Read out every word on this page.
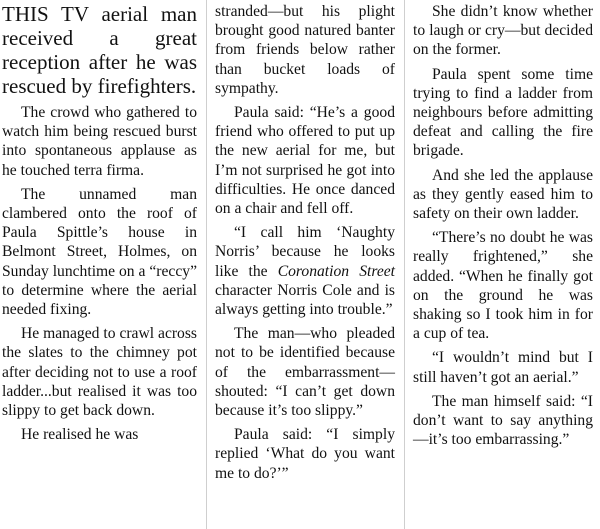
THIS TV aerial man received a great reception after he was rescued by firefighters.

The crowd who gathered to watch him being rescued burst into spontaneous applause as he touched terra firma.

The unnamed man clambered onto the roof of Paula Spittle’s house in Belmont Street, Holmes, on Sunday lunchtime on a “reccy” to determine where the aerial needed fixing.

He managed to crawl across the slates to the chimney pot after deciding not to use a roof ladder...but realised it was too slippy to get back down.

He realised he was

stranded—but his plight brought good natured banter from friends below rather than bucket loads of sympathy.

Paula said: “He’s a good friend who offered to put up the new aerial for me, but I’m not surprised he got into difficulties. He once danced on a chair and fell off.

“I call him ‘Naughty Norris’ because he looks like the Coronation Street character Norris Cole and is always getting into trouble.”

The man—who pleaded not to be identified because of the embarrassment—shouted: “I can’t get down because it’s too slippy.”

Paula said: “I simply replied ‘What do you want me to do?’”

She didn’t know whether to laugh or cry—but decided on the former.

Paula spent some time trying to find a ladder from neighbours before admitting defeat and calling the fire brigade.

And she led the applause as they gently eased him to safety on their own ladder.

“There’s no doubt he was really frightened,” she added. “When he finally got on the ground he was shaking so I took him in for a cup of tea.

“I wouldn’t mind but I still haven’t got an aerial.”

The man himself said: “I don’t want to say anything—it’s too embarrassing.”
